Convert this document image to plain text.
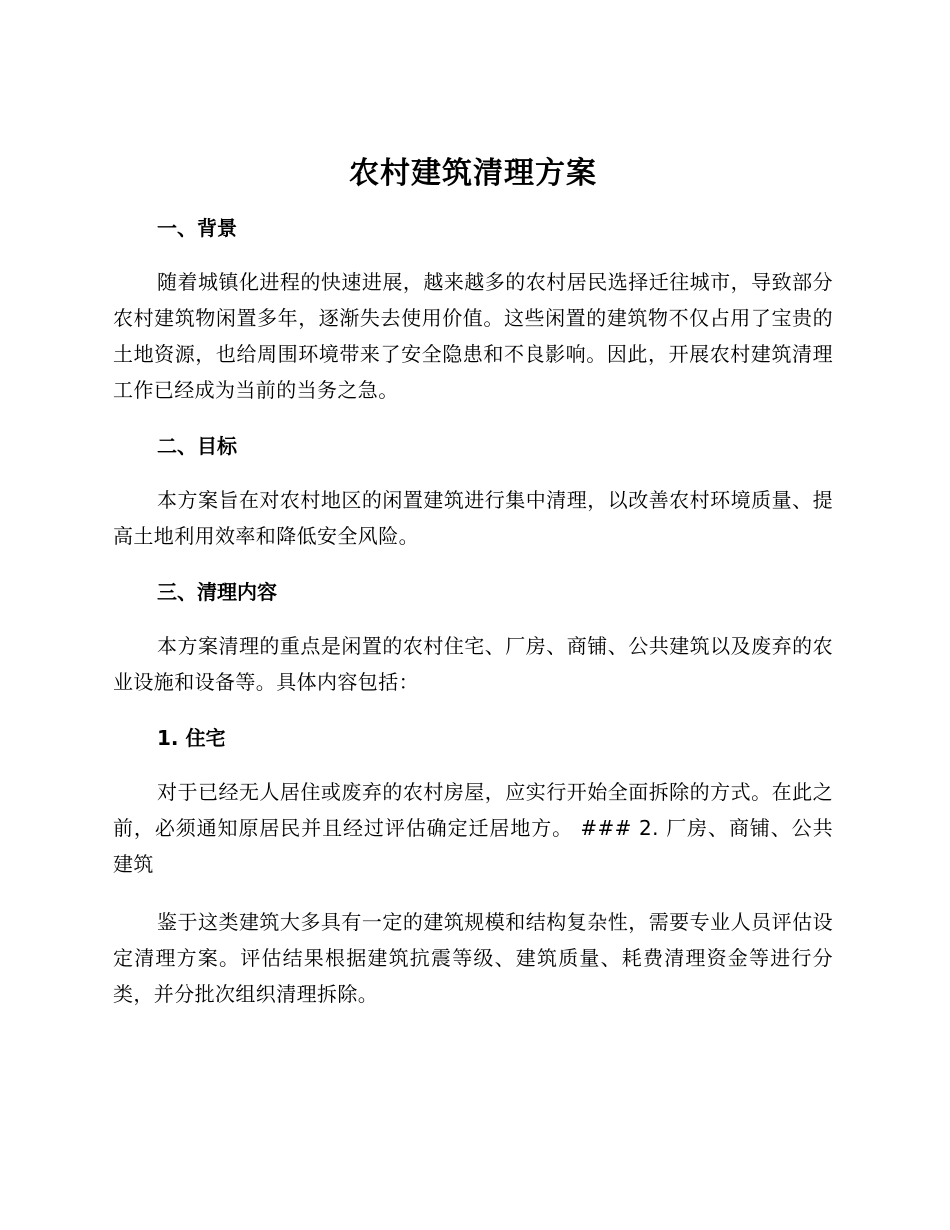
农村建筑清理方案
一、背景

随着城镇化进程的快速进展，越来越多的农村居民选择迁往城市，导致部分农村建筑物闲置多年，逐渐失去使用价值。这些闲置的建筑物不仅占用了宝贵的土地资源，也给周围环境带来了安全隐患和不良影响。因此，开展农村建筑清理工作已经成为当前的当务之急。

二、目标

本方案旨在对农村地区的闲置建筑进行集中清理，以改善农村环境质量、提高土地利用效率和降低安全风险。

三、清理内容

本方案清理的重点是闲置的农村住宅、厂房、商铺、公共建筑以及废弃的农业设施和设备等。具体内容包括：

1. 住宅

对于已经无人居住或废弃的农村房屋，应实行开始全面拆除的方式。在此之前，必须通知原居民并且经过评估确定迁居地方。 ### 2. 厂房、商铺、公共建筑

鉴于这类建筑大多具有一定的建筑规模和结构复杂性，需要专业人员评估设定清理方案。评估结果根据建筑抗震等级、建筑质量、耗费清理资金等进行分类，并分批次组织清理拆除。
